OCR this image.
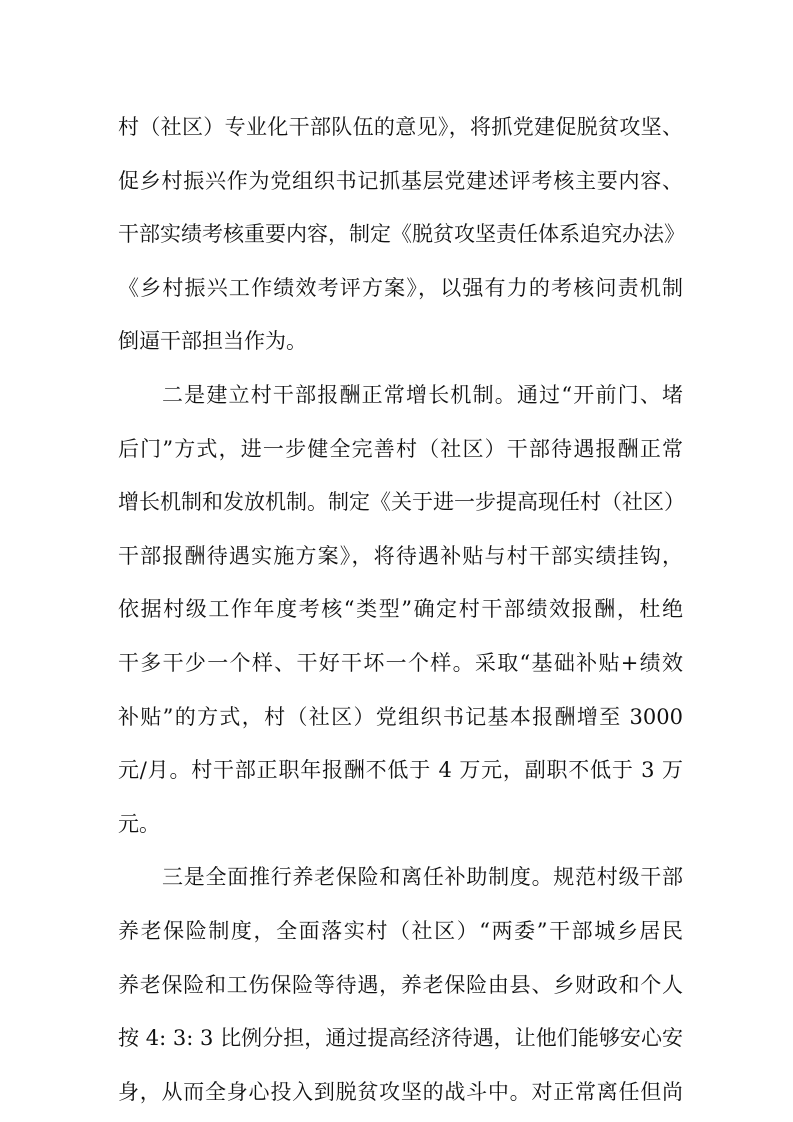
村（社区）专业化干部队伍的意见》，将抓党建促脱贫攻坚、
促乡村振兴作为党组织书记抓基层党建述评考核主要内容、
干部实绩考核重要内容，制定《脱贫攻坚责任体系追究办法》
《乡村振兴工作绩效考评方案》，以强有力的考核问责机制
倒逼干部担当作为。
二是建立村干部报酬正常增长机制。通过“开前门、堵
后门”方式，进一步健全完善村（社区）干部待遇报酬正常
增长机制和发放机制。制定《关于进一步提高现任村（社区）
干部报酬待遇实施方案》，将待遇补贴与村干部实绩挂钩，
依据村级工作年度考核“类型”确定村干部绩效报酬，杜绝
干多干少一个样、干好干坏一个样。采取“基础补贴+绩效
补贴”的方式，村（社区）党组织书记基本报酬增至 3000
元/月。村干部正职年报酬不低于 4 万元，副职不低于 3 万
元。
三是全面推行养老保险和离任补助制度。规范村级干部
养老保险制度，全面落实村（社区）“两委”干部城乡居民
养老保险和工伤保险等待遇，养老保险由县、乡财政和个人
按 4: 3: 3 比例分担，通过提高经济待遇，让他们能够安心安
身，从而全身心投入到脱贫攻坚的战斗中。对正常离任但尚
